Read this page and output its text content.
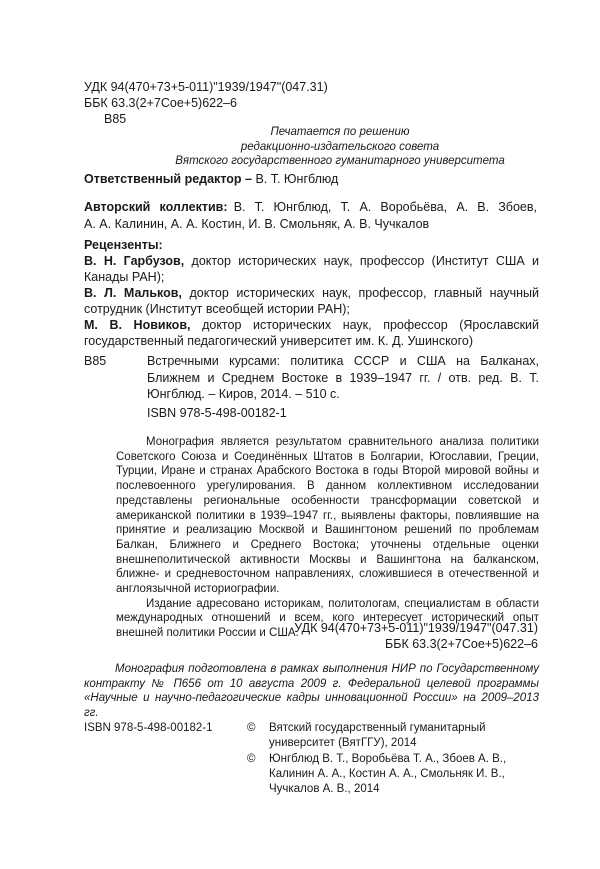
УДК 94(470+73+5-011)"1939/1947"(047.31)
ББК 63.3(2+7Сое+5)622–6
В85
Печатается по решению
редакционно-издательского совета
Вятского государственного гуманитарного университета
Ответственный редактор – В. Т. Юнгблюд
Авторский коллектив: В. Т. Юнгблюд, Т. А. Воробьёва, А. В. Збоев,
А. А. Калинин, А. А. Костин, И. В. Смольняк, А. В. Чучкалов
Рецензенты:

В. Н. Гарбузов, доктор исторических наук, профессор (Институт США и Канады РАН);

В. Л. Мальков, доктор исторических наук, профессор, главный научный сотрудник (Институт всеобщей истории РАН);

М. В. Новиков, доктор исторических наук, профессор (Ярославский государственный педагогический университет им. К. Д. Ушинского)

В85	Встречными курсами: политика СССР и США на Балканах, Ближнем и Среднем Востоке в 1939–1947 гг. / отв. ред. В. Т. Юнгблюд. – Киров, 2014. – 510 с.
ISBN 978-5-498-00182-1

Монография является результатом сравнительного анализа политики Советского Союза и Соединённых Штатов в Болгарии, Югославии, Греции, Турции, Иране и странах Арабского Востока в годы Второй мировой войны и послевоенного урегулирования. В данном коллективном исследовании представлены региональные особенности трансформации советской и американской политики в 1939–1947 гг., выявлены факторы, повлиявшие на принятие и реализацию Москвой и Вашингтоном решений по проблемам Балкан, Ближнего и Среднего Востока; уточнены отдельные оценки внешнеполитической активности Москвы и Вашингтона на балканском, ближне- и средневосточном направлениях, сложившиеся в отечественной и англоязычной историографии.

Издание адресовано историкам, политологам, специалистам в области международных отношений и всем, кого интересует исторический опыт внешней политики России и США.

УДК 94(470+73+5-011)"1939/1947"(047.31)
ББК 63.3(2+7Сое+5)622–6

Монография подготовлена в рамках выполнения НИР по Государственному контракту № П656 от 10 августа 2009 г. Федеральной целевой программы «Научные и научно-педагогические кадры инновационной России» на 2009–2013 гг.

ISBN 978-5-498-00182-1	© Вятский государственный гуманитарный университет (ВятГГУ), 2014
© Юнгблюд В. Т., Воробьёва Т. А., Збоев А. В., Калинин А. А., Костин А. А., Смольняк И. В., Чучкалов А. В., 2014
